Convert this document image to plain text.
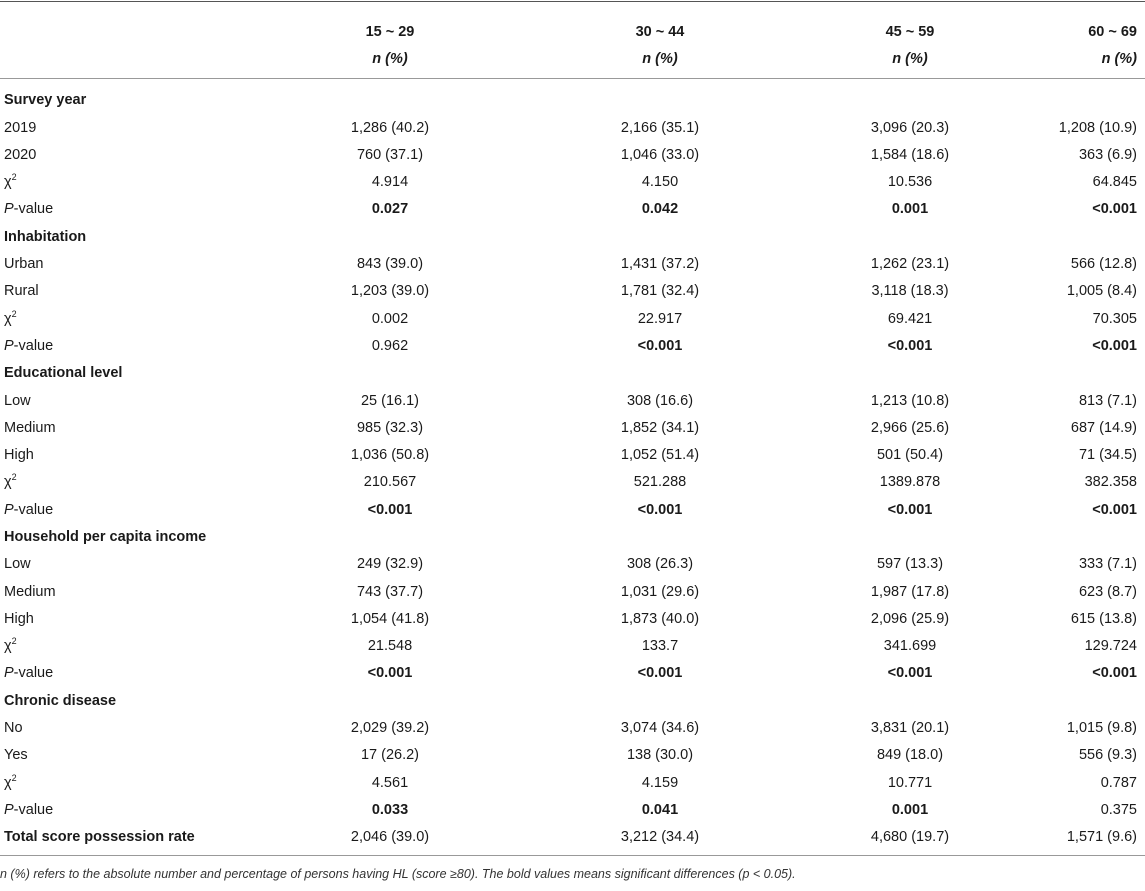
	15 ~ 29	30 ~ 44	45 ~ 59	60 ~ 69
	n (%)	n (%)	n (%)	n (%)

Survey year				
2019	1,286 (40.2)	2,166 (35.1)	3,096 (20.3)	1,208 (10.9)
2020	760 (37.1)	1,046 (33.0)	1,584 (18.6)	363 (6.9)
$\chi^2$	4.914	4.150	10.536	64.845
P-value	0.027	0.042	0.001	<0.001
Inhabitation				
Urban	843 (39.0)	1,431 (37.2)	1,262 (23.1)	566 (12.8)
Rural	1,203 (39.0)	1,781 (32.4)	3,118 (18.3)	1,005 (8.4)
$\chi^2$	0.002	22.917	69.421	70.305
P-value	0.962	<0.001	<0.001	<0.001
Educational level				
Low	25 (16.1)	308 (16.6)	1,213 (10.8)	813 (7.1)
Medium	985 (32.3)	1,852 (34.1)	2,966 (25.6)	687 (14.9)
High	1,036 (50.8)	1,052 (51.4)	501 (50.4)	71 (34.5)
$\chi^2$	210.567	521.288	1389.878	382.358
P-value	<0.001	<0.001	<0.001	<0.001
Household per capita income				
Low	249 (32.9)	308 (26.3)	597 (13.3)	333 (7.1)
Medium	743 (37.7)	1,031 (29.6)	1,987 (17.8)	623 (8.7)
High	1,054 (41.8)	1,873 (40.0)	2,096 (25.9)	615 (13.8)
$\chi^2$	21.548	133.7	341.699	129.724
P-value	<0.001	<0.001	<0.001	<0.001
Chronic disease				
No	2,029 (39.2)	3,074 (34.6)	3,831 (20.1)	1,015 (9.8)
Yes	17 (26.2)	138 (30.0)	849 (18.0)	556 (9.3)
$\chi^2$	4.561	4.159	10.771	0.787
P-value	0.033	0.041	0.001	0.375
Total score possession rate	2,046 (39.0)	3,212 (34.4)	4,680 (19.7)	1,571 (9.6)
n (%) refers to the absolute number and percentage of persons having HL (score ≥80). The bold values means significant differences (p < 0.05).
